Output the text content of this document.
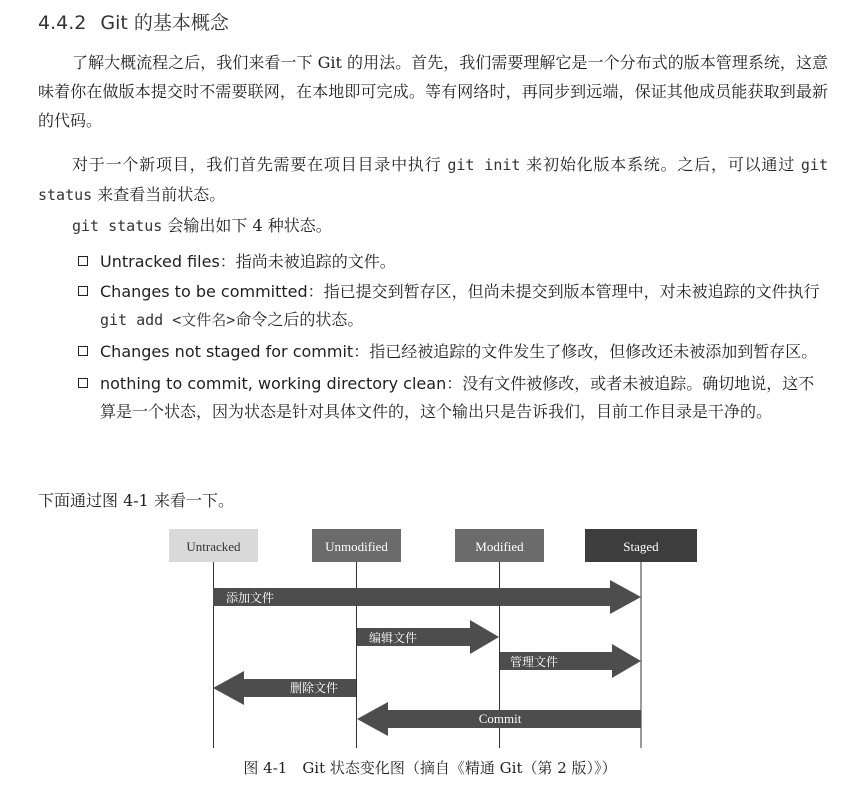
4.4.2 Git 的基本概念

了解大概流程之后，我们来看一下 Git 的用法。首先，我们需要理解它是一个分布式的版本管理系统，这意味着你在做版本提交时不需要联网，在本地即可完成。等有网络时，再同步到远端，保证其他成员能获取到最新的代码。

对于一个新项目，我们首先需要在项目目录中执行 git init 来初始化版本系统。之后，可以通过 git status 来查看当前状态。

git status 会输出如下 4 种状态。

Untracked files：指尚未被追踪的文件。
Changes to be committed：指已提交到暂存区，但尚未提交到版本管理中，对未被追踪的文件执行 git add <文件名>命令之后的状态。
Changes not staged for commit：指已经被追踪的文件发生了修改，但修改还未被添加到暂存区。
nothing to commit, working directory clean：没有文件被修改，或者未被追踪。确切地说，这不算是一个状态，因为状态是针对具体文件的，这个输出只是告诉我们，目前工作目录是干净的。

下面通过图 4-1 来看一下。

Untracked	Unmodified	Modified	Staged
添加文件
编辑文件
管理文件
删除文件
Commit
图 4-1　Git 状态变化图（摘自《精通 Git（第 2 版）》）
